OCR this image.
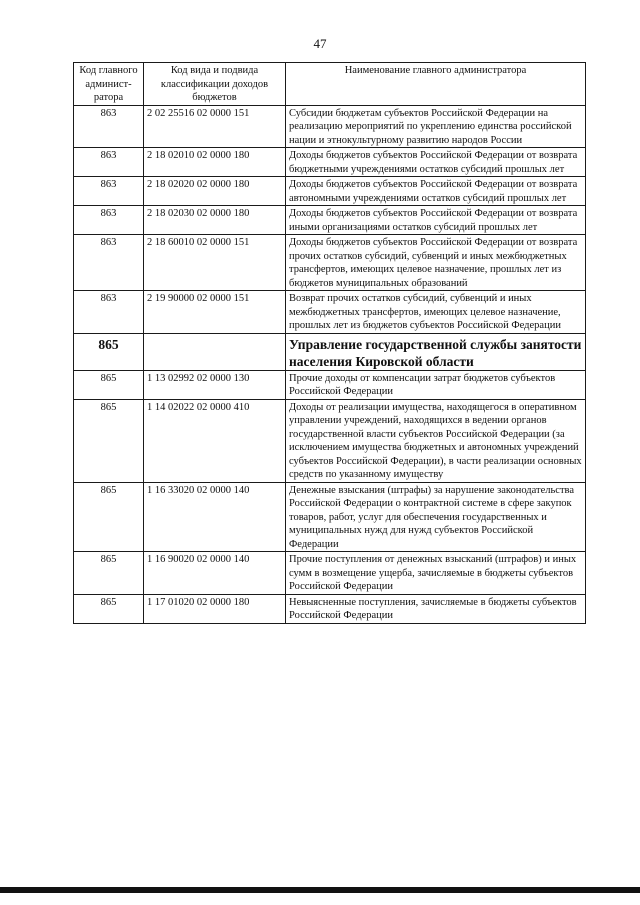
47
Код главного админист-ратора	Код вида и подвида классификации доходов бюджетов	Наименование главного администратора
863	2 02 25516 02 0000 151	Субсидии бюджетам субъектов Российской Федерации на реализацию мероприятий по укреплению единства российской нации и этнокультурному развитию народов России
863	2 18 02010 02 0000 180	Доходы бюджетов субъектов Российской Федерации от возврата бюджетными учреждениями остатков субсидий прошлых лет
863	2 18 02020 02 0000 180	Доходы бюджетов субъектов Российской Федерации от возврата автономными учреждениями остатков субсидий прошлых лет
863	2 18 02030 02 0000 180	Доходы бюджетов субъектов Российской Федерации от возврата иными организациями остатков субсидий прошлых лет
863	2 18 60010 02 0000 151	Доходы бюджетов субъектов Российской Федерации от возврата прочих остатков субсидий, субвенций и иных межбюджетных трансфертов, имеющих целевое назначение, прошлых лет из бюджетов муниципальных образований
863	2 19 90000 02 0000 151	Возврат прочих остатков субсидий, субвенций и иных межбюджетных трансфертов, имеющих целевое назначение, прошлых лет из бюджетов субъектов Российской Федерации
865		Управление государственной службы занятости населения Кировской области
865	1 13 02992 02 0000 130	Прочие доходы от компенсации затрат бюджетов субъектов Российской Федерации
865	1 14 02022 02 0000 410	Доходы от реализации имущества, находящегося в оперативном управлении учреждений, находящихся в ведении органов государственной власти субъектов Российской Федерации (за исключением имущества бюджетных и автономных учреждений субъектов Российской Федерации), в части реализации основных средств по указанному имуществу
865	1 16 33020 02 0000 140	Денежные взыскания (штрафы) за нарушение законодательства Российской Федерации о контрактной системе в сфере закупок товаров, работ, услуг для обеспечения государственных и муниципальных нужд для нужд субъектов Российской Федерации
865	1 16 90020 02 0000 140	Прочие поступления от денежных взысканий (штрафов) и иных сумм в возмещение ущерба, зачисляемые в бюджеты субъектов Российской Федерации
865	1 17 01020 02 0000 180	Невыясненные поступления, зачисляемые в бюджеты субъектов Российской Федерации
